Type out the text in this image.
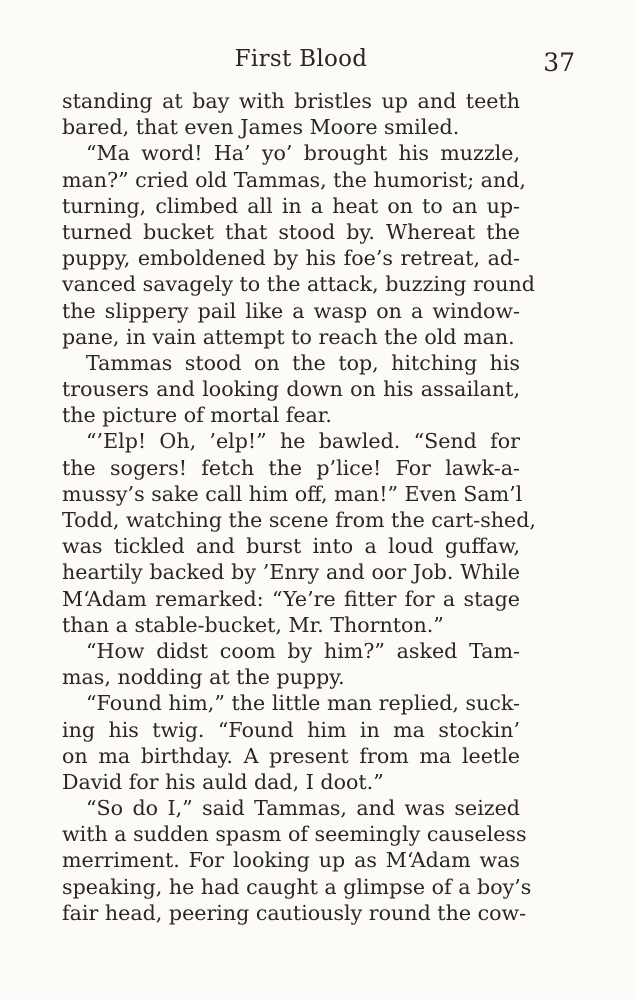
First Blood	37
standing at bay with bristles up and teeth
bared, that even James Moore smiled.
“Ma word! Ha’ yo’ brought his muzzle,
man?” cried old Tammas, the humorist; and,
turning, climbed all in a heat on to an up-
turned bucket that stood by. Whereat the
puppy, emboldened by his foe’s retreat, ad-
vanced savagely to the attack, buzzing round
the slippery pail like a wasp on a window-
pane, in vain attempt to reach the old man.
Tammas stood on the top, hitching his
trousers and looking down on his assailant,
the picture of mortal fear.
“’Elp! Oh, ’elp!” he bawled. “Send for
the sogers! fetch the p’lice! For lawk-a-
mussy’s sake call him off, man!” Even Sam’l
Todd, watching the scene from the cart-shed,
was tickled and burst into a loud guffaw,
heartily backed by ’Enry and oor Job. While
M‘Adam remarked: “Ye’re fitter for a stage
than a stable-bucket, Mr. Thornton.”
“How didst coom by him?” asked Tam-
mas, nodding at the puppy.
“Found him,” the little man replied, suck-
ing his twig. “Found him in ma stockin’
on ma birthday. A present from ma leetle
David for his auld dad, I doot.”
“So do I,” said Tammas, and was seized
with a sudden spasm of seemingly causeless
merriment. For looking up as M‘Adam was
speaking, he had caught a glimpse of a boy’s
fair head, peering cautiously round the cow-
